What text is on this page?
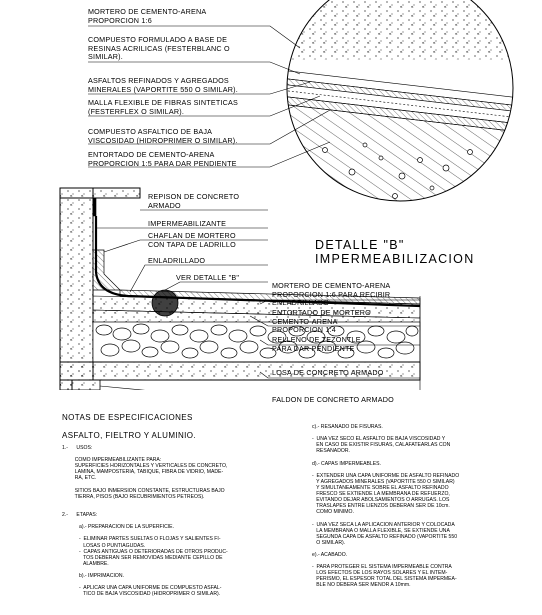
MORTERO DE CEMENTO-ARENA
PROPORCION 1:6
COMPUESTO FORMULADO A BASE DE
RESINAS ACRILICAS (FESTERBLANC O
SIMILAR).
ASFALTOS REFINADOS Y AGREGADOS
MINERALES (VAPORTITE 550 O SIMILAR).
MALLA FLEXIBLE DE FIBRAS SINTETICAS
(FESTERFLEX O SIMILAR).
COMPUESTO ASFALTICO DE BAJA
VISCOSIDAD (HIDROPRIMER O SIMILAR).
ENTORTADO DE CEMENTO-ARENA
PROPORCION 1:5 PARA DAR PENDIENTE
DETALLE "B"
IMPERMEABILIZACION
REPISON DE CONCRETO
ARMADO
IMPERMEABILIZANTE
CHAFLAN DE MORTERO
CON TAPA DE LADRILLO
ENLADRILLADO
VER DETALLE "B"
MORTERO DE CEMENTO-ARENA
PROPORCION 1:6 PARA RECIBIR
ENLADRILLADO
ENTORTADO DE MORTERO
CEMENTO-ARENA
PROPORCION 1:4
RELLENO DE TEZONTLE
PARA DAR PENDIENTE
LOSA DE CONCRETO ARMADO
FALDON DE CONCRETO ARMADO
NOTAS DE ESPECIFICACIONES
ASFALTO, FIELTRO Y ALUMINIO.
1.-      USOS:

COMO IMPERMEABILIZANTE PARA:
SUPERFICIES HORIZONTALES Y VERTICALES DE CONCRETO,
LAMINA, MAMPOSTERIA, TABIQUE, FIBRA DE VIDRIO, MADE-
RA, ETC.

SITIOS BAJO INMERSION CONSTANTE, ESTRUCTURAS BAJO
TIERRA, PISOS (BAJO RECUBRIMIENTOS PETREOS).

2.-      ETAPAS:

a).- PREPARACION DE LA SUPERFICIE.

-  ELIMINAR PARTES SUELTAS O FLOJAS Y SALIENTES FI-
LOSAS O PUNTIAGUDAS.
-  CAPAS ANTIGUAS O DETERIORADAS DE OTROS PRODUC-
TOS DEBERAN SER REMOVIDAS MEDIANTE CEPILLO DE
ALAMBRE.

b).- IMPRIMACION.

-  APLICAR UNA CAPA UNIFORME DE COMPUESTO ASFAL-
TICO DE BAJA VISCOSIDAD (HIDROPRIMER O SIMILAR).
c).- RESANADO DE FISURAS.

-  UNA VEZ SECO EL ASFALTO DE BAJA VISCOSIDAD Y
EN CASO DE EXISTIR FISURAS, CALAFATEARLAS CON
RESANADOR.

d).- CAPAS IMPERMEABLES.

-  EXTENDER UNA CAPA UNIFORME DE ASFALTO REFINADO
Y AGREGADOS MINERALES (VAPORTITE 550 O SIMILAR)
Y SIMULTANEAMENTE SOBRE EL ASFALTO REFINADO
FRESCO SE EXTIENDE LA MEMBRANA DE REFUERZO,
EVITANDO DEJAR ABOLSAMIENTOS O ARRUGAS. LOS
TRASLAPES ENTRE LIENZOS DEBERAN SER DE 10cm.
COMO MINIMO.

-  UNA VEZ SECA LA APLICACION ANTERIOR Y COLOCADA
LA MEMBRANA O MALLA FLEXIBLE, SE EXTIENDE UNA
SEGUNDA CAPA DE ASFALTO REFINADO (VAPORTITE 550
O SIMILAR).

e).- ACABADO.

-  PARA PROTEGER EL SISTEMA IMPERMEABLE CONTRA
LOS EFECTOS DE LOS RAYOS SOLARES Y EL INTEM-
PERISMO, EL ESPESOR TOTAL DEL SISTEMA IMPERMEA-
BLE NO DEBERA SER MENOR A 10mm.
